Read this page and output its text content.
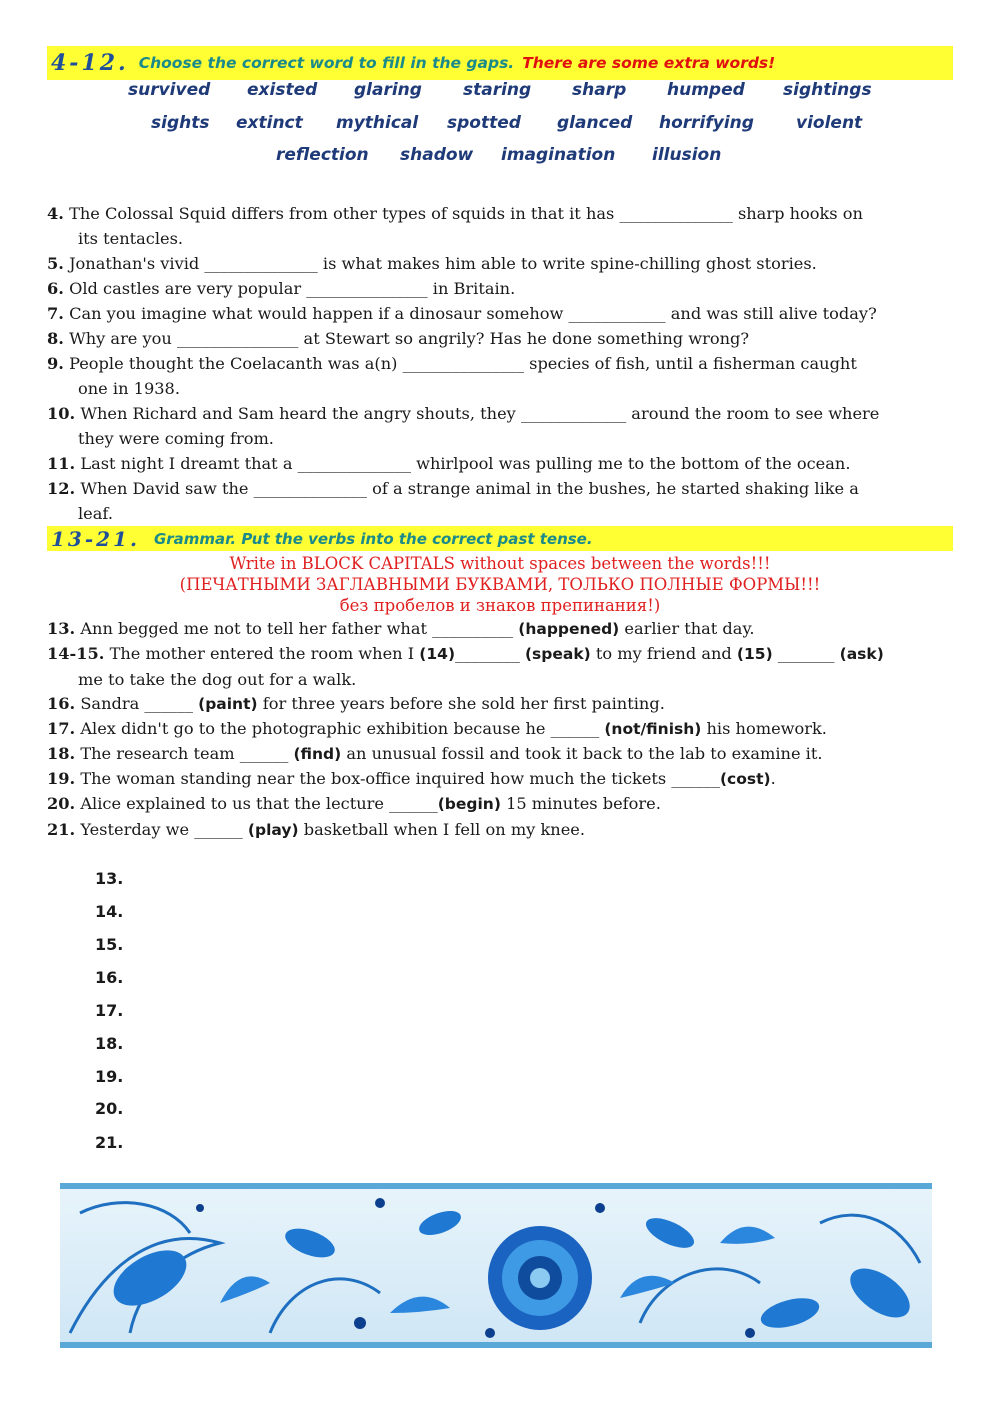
4-12. Choose the correct word to fill in the gaps. There are some extra words!
survived existed glaring staring sharp humped sightings
sights extinct mythical spotted glanced horrifying violent
reflection shadow imagination illusion
4. The Colossal Squid differs from other types of squids in that it has ______________ sharp hooks on
its tentacles.
5. Jonathan's vivid ______________ is what makes him able to write spine-chilling ghost stories.
6. Old castles are very popular _______________ in Britain.
7. Can you imagine what would happen if a dinosaur somehow ____________ and was still alive today?
8. Why are you _______________ at Stewart so angrily? Has he done something wrong?
9. People thought the Coelacanth was a(n) _______________ species of fish, until a fisherman caught
one in 1938.
10. When Richard and Sam heard the angry shouts, they _____________ around the room to see where
they were coming from.
11. Last night I dreamt that a ______________ whirlpool was pulling me to the bottom of the ocean.
12. When David saw the ______________ of a strange animal in the bushes, he started shaking like a
leaf.
13-21. Grammar. Put the verbs into the correct past tense.
Write in BLOCK CAPITALS without spaces between the words!!!
(ПЕЧАТНЫМИ ЗАГЛАВНЫМИ БУКВАМИ, ТОЛЬКО ПОЛНЫЕ ФОРМЫ!!!
без пробелов и знаков препинания!)
13. Ann begged me not to tell her father what __________ (happened) earlier that day.
14-15. The mother entered the room when I (14)________ (speak) to my friend and (15) _______ (ask)
me to take the dog out for a walk.
16. Sandra ______ (paint) for three years before she sold her first painting.
17. Alex didn't go to the photographic exhibition because he ______ (not/finish) his homework.
18. The research team ______ (find) an unusual fossil and took it back to the lab to examine it.
19. The woman standing near the box-office inquired how much the tickets ______(cost).
20. Alice explained to us that the lecture ______(begin) 15 minutes before.
21. Yesterday we ______ (play) basketball when I fell on my knee.
13.
14.
15.
16.
17.
18.
19.
20.
21.
